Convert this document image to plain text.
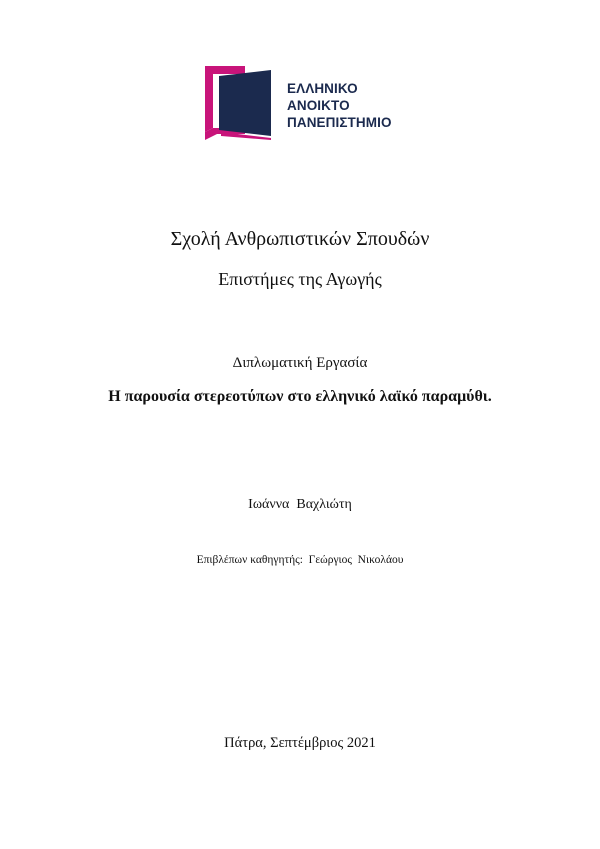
ΕΛΛΗΝΙΚΟ
ΑΝΟΙΚΤΟ
ΠΑΝΕΠΙΣΤΗΜΙΟ
Σχολή Ανθρωπιστικών Σπουδών
Επιστήμες της Αγωγής
Διπλωματική Εργασία
Η παρουσία στερεοτύπων στο ελληνικό λαϊκό παραμύθι.
Ιωάννα  Βαχλιώτη
Επιβλέπων καθηγητής:  Γεώργιος  Νικολάου
Πάτρα, Σεπτέμβριος 2021
